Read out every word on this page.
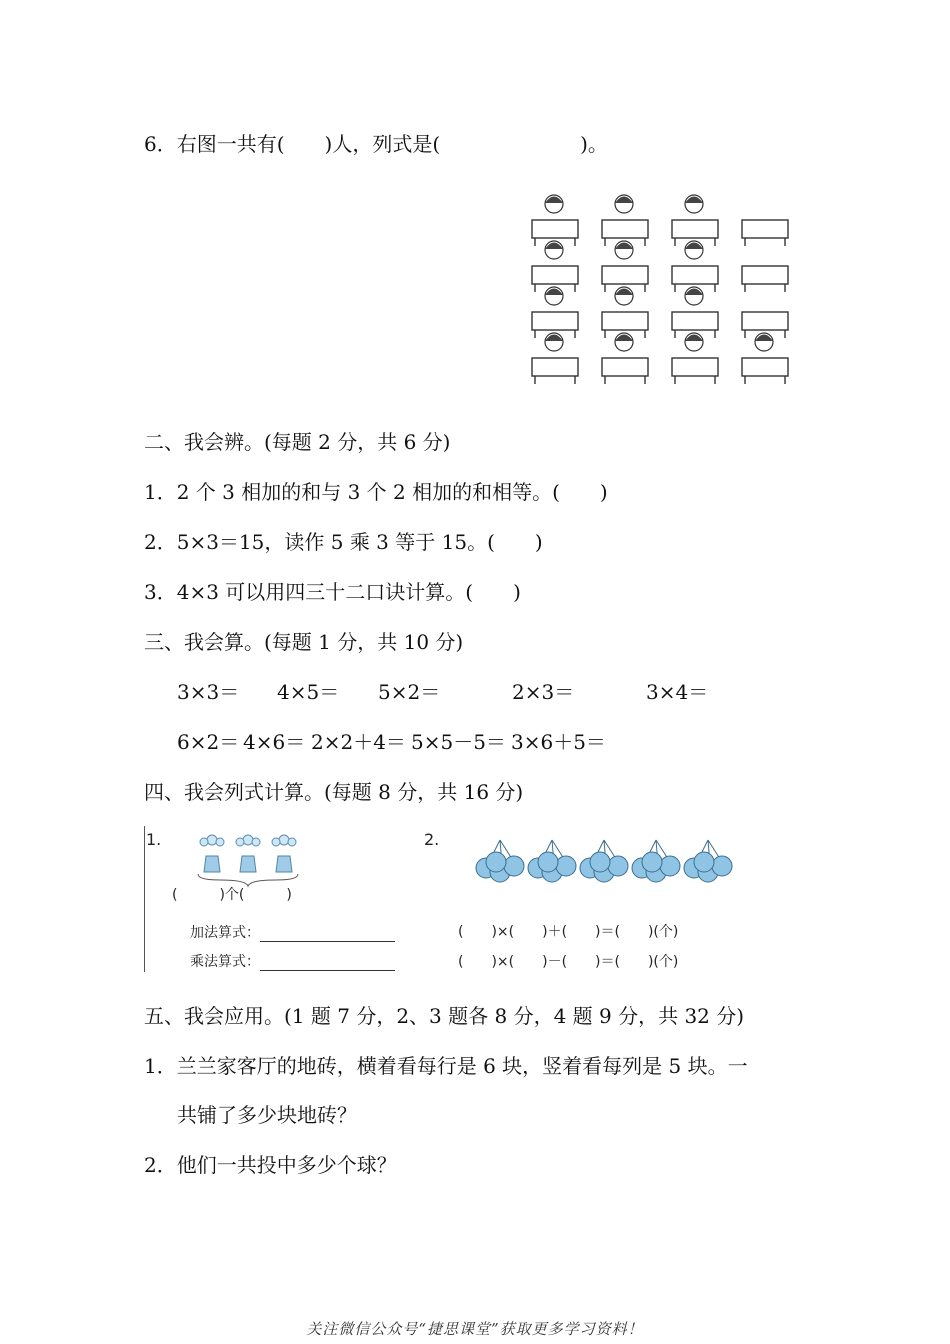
6．右图一共有(　　)人，列式是(　　　　　　　)。
二、我会辨。(每题 2 分，共 6 分)
1．2 个 3 相加的和与 3 个 2 相加的和相等。(　　)
2．5×3＝15，读作 5 乘 3 等于 15。(　　)
3．4×3 可以用四三十二口诀计算。(　　)
三、我会算。(每题 1 分，共 10 分)
3×3＝ 4×5＝ 5×2＝	2×3＝	3×4＝
6×2＝ 4×6＝ 2×2＋4＝ 5×5－5＝ 3×6＋5＝
四、我会列式计算。(每题 8 分，共 16 分)
1.
(　　　)个(　　　)
加法算式：
乘法算式：
2.
(　　)×(　　)＋(　　)＝(　　)(个)
(　　)×(　　)－(　　)＝(　　)(个)
五、我会应用。(1 题 7 分，2、3 题各 8 分，4 题 9 分，共 32 分)
1．兰兰家客厅的地砖，横着看每行是 6 块，竖着看每列是 5 块。一
共铺了多少块地砖？
2．他们一共投中多少个球？
关注微信公众号“捷思课堂”获取更多学习资料！
